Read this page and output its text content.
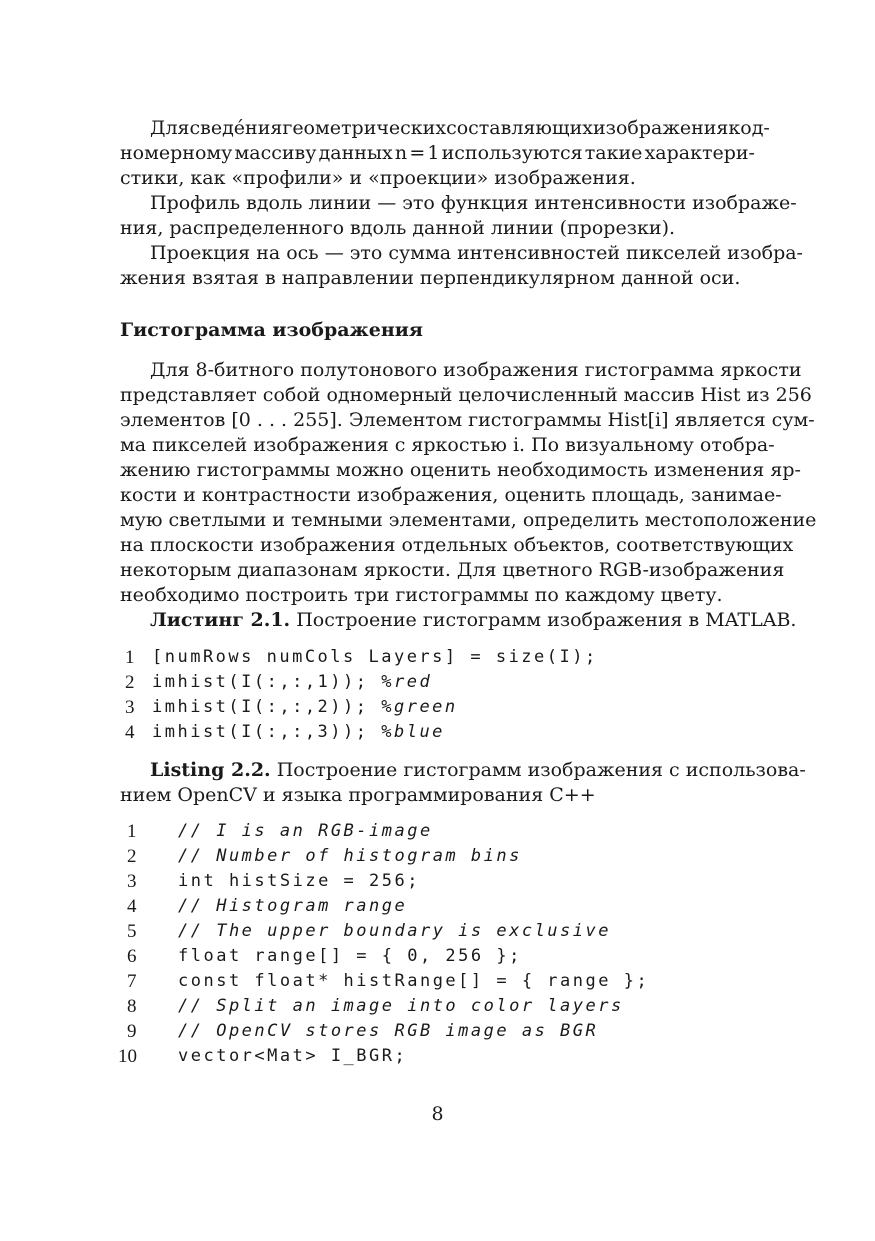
Для сведе́ния геометрических составляющих изображения к од-
номерному массиву данных n = 1 используются такие характери-
стики, как «профили» и «проекции» изображения.
Профиль вдоль линии — это функция интенсивности изображе-
ния, распределенного вдоль данной линии (прорезки).
Проекция на ось — это сумма интенсивностей пикселей изобра-
жения взятая в направлении перпендикулярном данной оси.
Гистограмма изображения
Для 8-битного полутонового изображения гистограмма яркости
представляет собой одномерный целочисленный массив Hist из 256
элементов [0 . . . 255]. Элементом гистограммы Hist[i] является сум-
ма пикселей изображения с яркостью i. По визуальному отобра-
жению гистограммы можно оценить необходимость изменения яр-
кости и контрастности изображения, оценить площадь, занимае-
мую светлыми и темными элементами, определить местоположение
на плоскости изображения отдельных объектов, соответствующих
некоторым диапазонам яркости. Для цветного RGB-изображения
необходимо построить три гистограммы по каждому цвету.
Листинг 2.1. Построение гистограмм изображения в MATLAB.
1 [numRows numCols Layers] = size(I);
2 imhist(I(:,:,1)); %red
3 imhist(I(:,:,2)); %green
4 imhist(I(:,:,3)); %blue
Listing 2.2. Построение гистограмм изображения с использова-
нием OpenCV и языка программирования C++
1 // I is an RGB-image
2 // Number of histogram bins
3 int histSize = 256;
4 // Histogram range
5 // The upper boundary is exclusive
6 float range[] = { 0, 256 };
7 const float* histRange[] = { range };
8 // Split an image into color layers
9 // OpenCV stores RGB image as BGR
10 vector<Mat> I_BGR;
8
